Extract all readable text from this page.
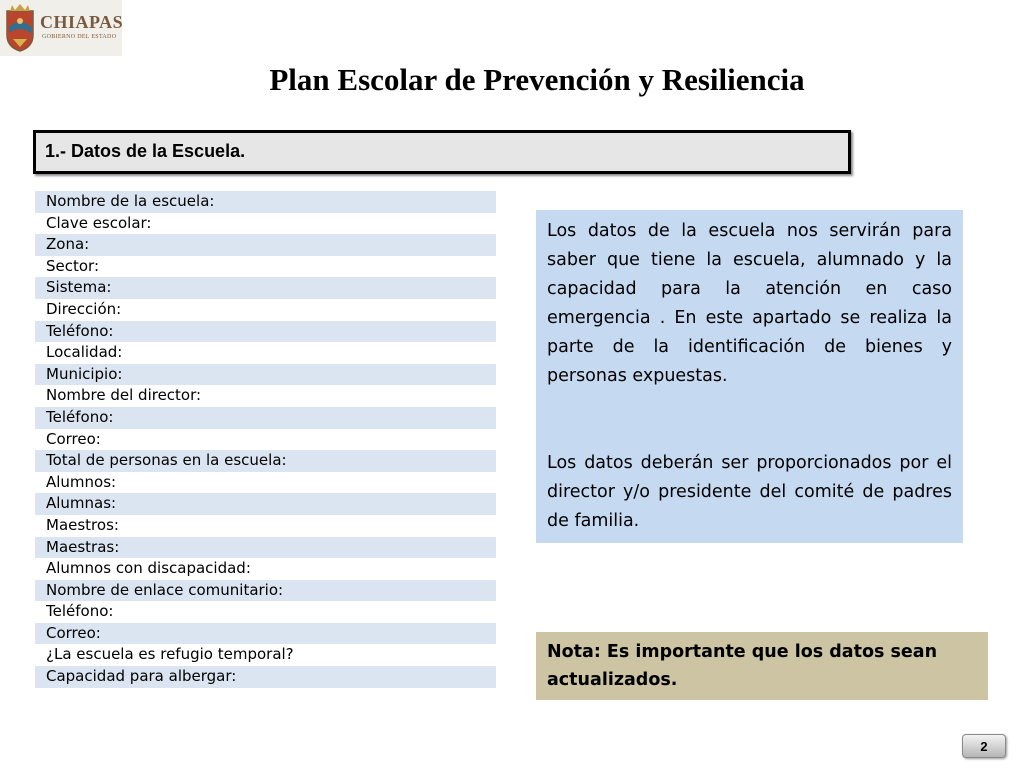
CHIAPAS
GOBIERNO DEL ESTADO
Plan Escolar de Prevención y Resiliencia
1.- Datos de la Escuela.
Nombre de la escuela:
Clave escolar:
Zona:
Sector:
Sistema:
Dirección:
Teléfono:
Localidad:
Municipio:
Nombre del director:
Teléfono:
Correo:
Total de personas en la escuela:
Alumnos:
Alumnas:
Maestros:
Maestras:
Alumnos con discapacidad:
Nombre de enlace comunitario:
Teléfono:
Correo:
¿La escuela es refugio temporal?
Capacidad para albergar:

Los datos de la escuela nos servirán para saber que tiene la escuela, alumnado y la capacidad para la atención en caso emergencia . En este apartado se realiza la parte de la identificación de bienes y personas expuestas.

Los datos deberán ser proporcionados por el director y/o presidente del comité de padres de familia.

Nota: Es importante que los datos sean actualizados.
2
